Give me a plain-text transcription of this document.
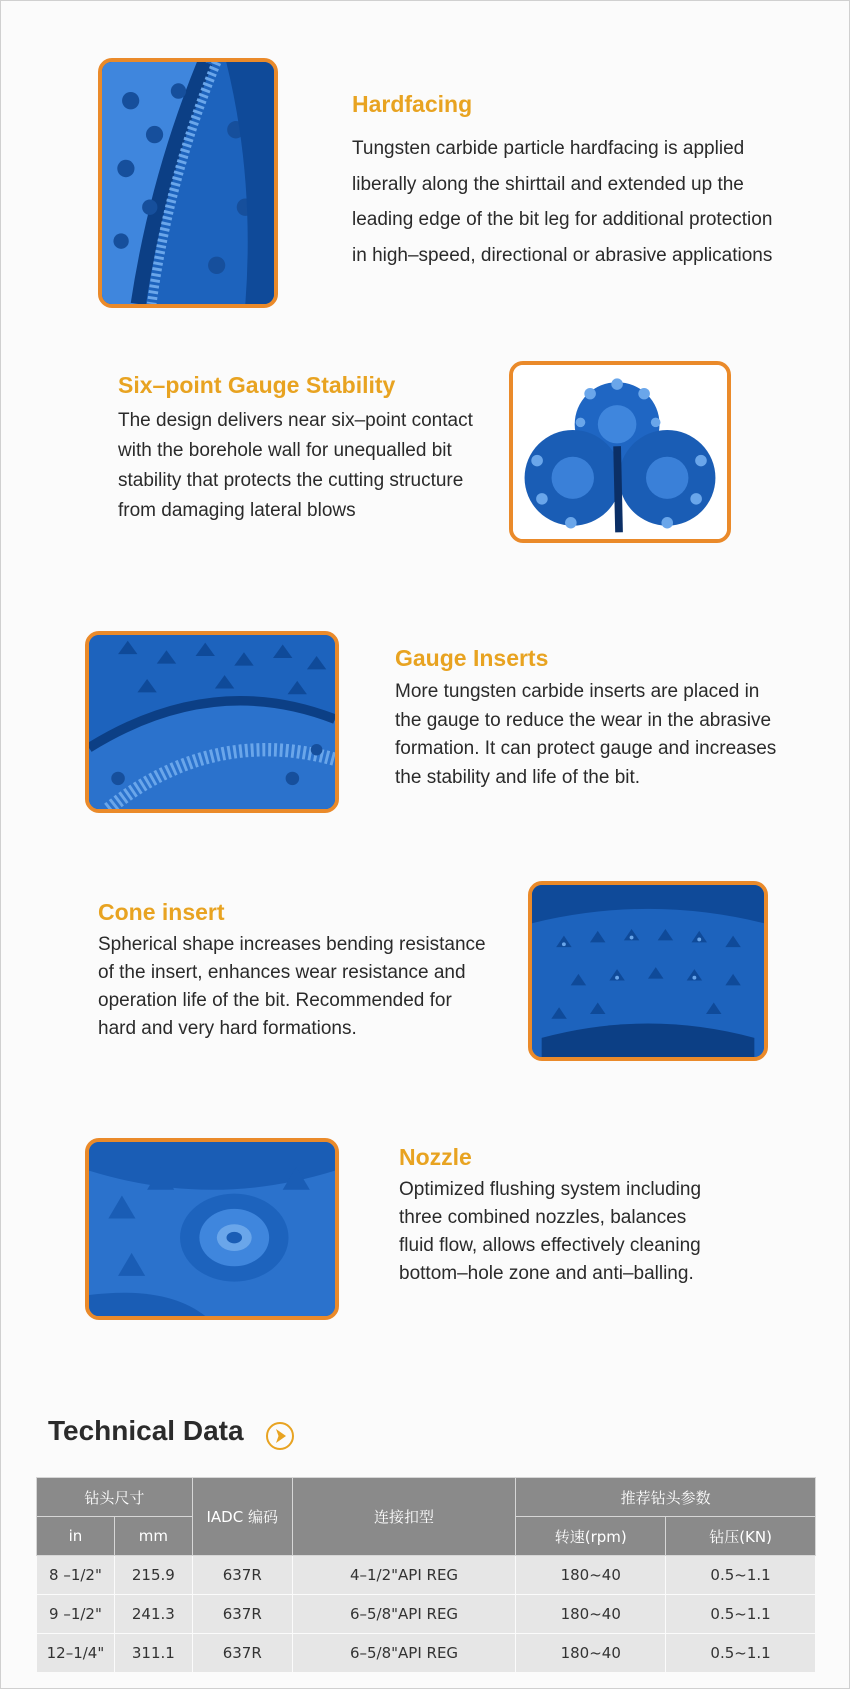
Hardfacing
Tungsten carbide particle hardfacing is applied
liberally along the shirttail and extended up the
leading edge of the bit leg for additional protection
in high–speed, directional or abrasive applications
Six–point Gauge Stability
The design delivers near six–point contact
with the borehole wall for unequalled bit
stability that protects the cutting structure
from damaging lateral blows
Gauge Inserts
More tungsten carbide inserts are placed in
the gauge to reduce the wear in the abrasive
formation. It can protect gauge and increases
the stability and life of the bit.
Cone insert
Spherical shape increases bending resistance
of the insert, enhances wear resistance and
operation life of the bit. Recommended for
hard and very hard formations.
Nozzle
Optimized flushing system including
three combined nozzles, balances
fluid flow, allows effectively cleaning
bottom–hole zone and anti–balling.
Technical Data
钻头尺寸		IADC 编码	连接扣型	推荐钻头参数	
in	mm			转速(rpm)	钻压(KN)
8 –1/2"	215.9	637R	4–1/2"API REG	180~40	0.5~1.1
9 –1/2"	241.3	637R	6–5/8"API REG	180~40	0.5~1.1
12–1/4"	311.1	637R	6–5/8"API REG	180~40	0.5~1.1
